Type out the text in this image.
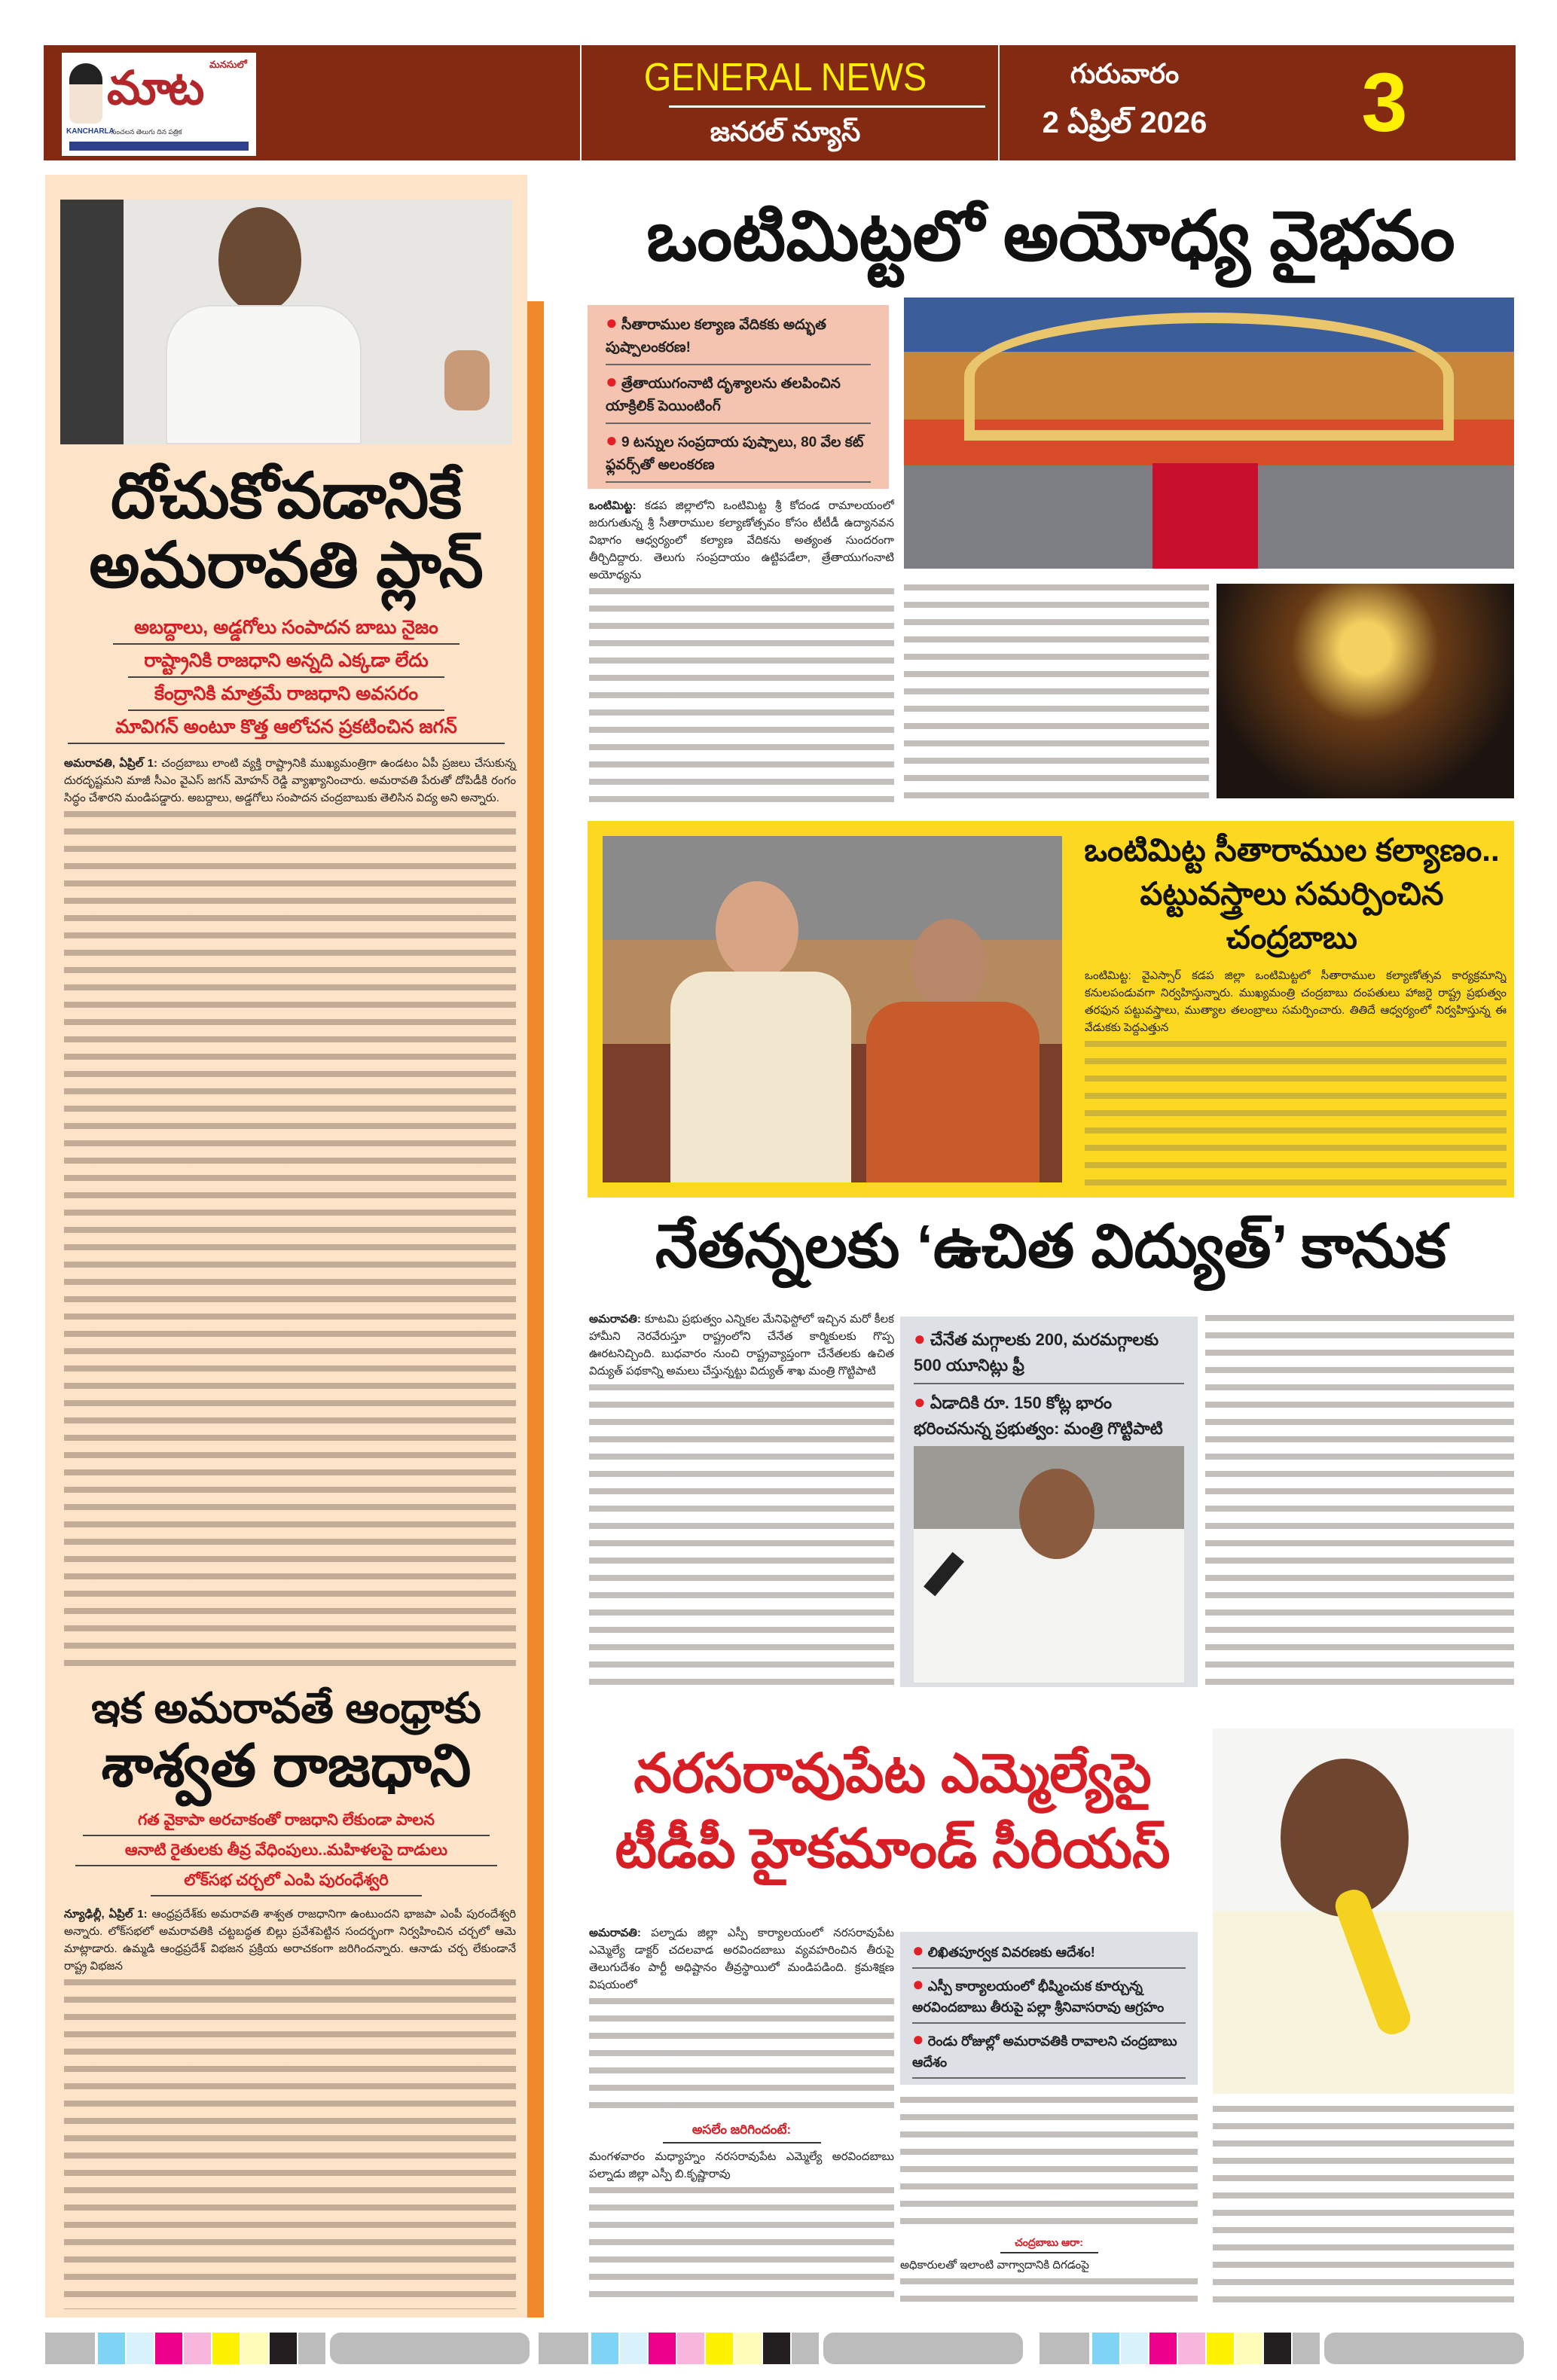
మాట మనసులో
KANCHARLA
సంచలన తెలుగు దిన పత్రిక
GENERAL NEWS
జనరల్ న్యూస్
గురువారం
2 ఏప్రిల్ 2026	3
దోచుకోవడానికే
అమరావతి ప్లాన్
అబద్దాలు, అడ్డగోలు సంపాదన బాబు నైజం
రాష్ట్రానికి రాజధాని అన్నది ఎక్కడా లేదు
కేంద్రానికి మాత్రమే రాజధాని అవసరం
మావిగన్ అంటూ కొత్త ఆలోచన ప్రకటించిన జగన్
అమరావతి, ఏప్రిల్ 1: చంద్రబాబు లాంటి వ్యక్తి రాష్ట్రానికి ముఖ్యమంత్రిగా ఉండటం ఏపీ ప్రజలు చేసుకున్న దురదృష్టమని మాజీ సీఎం వైఎస్ జగన్ మోహన్ రెడ్డి వ్యాఖ్యానించారు. అమరావతి పేరుతో దోపిడీకి రంగం సిద్ధం చేశారని మండిపడ్డారు. అబద్దాలు, అడ్డగోలు సంపాదన చంద్రబాబుకు తెలిసిన విద్య అని అన్నారు.
ఇక అమరావతే ఆంధ్రాకు
శాశ్వత రాజధాని
గత వైకాపా అరచాకంతో రాజధాని లేకుండా పాలన
ఆనాటి రైతులకు తీవ్ర వేధింపులు..మహిళలపై దాడులు
లోక్‌సభ చర్చలో ఎంపి పురంధేశ్వరి
న్యూఢిల్లీ, ఏప్రిల్ 1: ఆంధ్రప్రదేశ్‌కు అమరావతి శాశ్వత రాజధానిగా ఉంటుందని భాజపా ఎంపీ పురందేశ్వరి అన్నారు. లోక్‌సభలో అమరావతికి చట్టబద్ధత బిల్లు ప్రవేశపెట్టిన సందర్భంగా నిర్వహించిన చర్చలో ఆమె మాట్లాడారు. ఉమ్మడి ఆంధ్రప్రదేశ్ విభజన ప్రక్రియ అరాచకంగా జరిగిందన్నారు. ఆనాడు చర్చ లేకుండానే రాష్ట్ర విభజన
ఒంటిమిట్టలో అయోధ్య వైభవం
● సీతారాముల కల్యాణ వేదికకు అద్భుత పుష్పాలంకరణ!
● త్రేతాయుగంనాటి దృశ్యాలను తలపించిన యాక్రిలిక్ పెయింటింగ్
● 9 టన్నుల సంప్రదాయ పుష్పాలు, 80 వేల కట్ ఫ్లవర్స్‌తో అలంకరణ
ఒంటిమిట్ట: కడప జిల్లాలోని ఒంటిమిట్ట శ్రీ కోదండ రామాలయంలో జరుగుతున్న శ్రీ సీతారాముల కల్యాణోత్సవం కోసం టీటీడీ ఉద్యానవన విభాగం ఆధ్వర్యంలో కల్యాణ వేదికను అత్యంత సుందరంగా తీర్చిదిద్దారు. తెలుగు సంప్రదాయం ఉట్టిపడేలా, త్రేతాయుగంనాటి అయోధ్యను
ఒంటిమిట్ట సీతారాముల కల్యాణం.. పట్టువస్త్రాలు సమర్పించిన చంద్రబాబు
ఒంటిమిట్ట: వైఎస్సార్ కడప జిల్లా ఒంటిమిట్టలో సీతారాముల కల్యాణోత్సవ కార్యక్రమాన్ని కనులపండువగా నిర్వహిస్తున్నారు. ముఖ్యమంత్రి చంద్రబాబు దంపతులు హాజరై రాష్ట్ర ప్రభుత్వం తరఫున పట్టువస్త్రాలు, ముత్యాల తలంబ్రాలు సమర్పించారు. తితిదే ఆధ్వర్యంలో నిర్వహిస్తున్న ఈ వేడుకకు పెద్దఎత్తున
నేతన్నలకు ‘ఉచిత విద్యుత్’ కానుక
అమరావతి: కూటమి ప్రభుత్వం ఎన్నికల మేనిఫెస్టోలో ఇచ్చిన మరో కీలక హామీని నెరవేరుస్తూ రాష్ట్రంలోని చేనేత కార్మికులకు గొప్ప ఊరటనిచ్చింది. బుధవారం నుంచి రాష్ట్రవ్యాప్తంగా చేనేతలకు ఉచిత విద్యుత్ పథకాన్ని అమలు చేస్తున్నట్టు విద్యుత్ శాఖ మంత్రి గొట్టిపాటి
● చేనేత మగ్గాలకు 200, మరమగ్గాలకు 500 యూనిట్లు ఫ్రీ
● ఏడాదికి రూ. 150 కోట్ల భారం భరించనున్న ప్రభుత్వం: మంత్రి గొట్టిపాటి
నరసరావుపేట ఎమ్మెల్యేపై
టీడీపీ హైకమాండ్ సీరియస్
అమరావతి: పల్నాడు జిల్లా ఎస్పీ కార్యాలయంలో నరసరావుపేట ఎమ్మెల్యే డాక్టర్ చదలవాడ అరవిందబాబు వ్యవహరించిన తీరుపై తెలుగుదేశం పార్టీ అధిష్టానం తీవ్రస్థాయిలో మండిపడింది. క్రమశిక్షణ విషయంలో
అసలేం జరిగిందంటే:
మంగళవారం మధ్యాహ్నం నరసరావుపేట ఎమ్మెల్యే అరవిందబాబు పల్నాడు జిల్లా ఎస్పీ బి.కృష్ణారావు
● లిఖితపూర్వక వివరణకు ఆదేశం!
● ఎస్పీ కార్యాలయంలో భీష్మించుక కూర్చున్న అరవిందబాబు తీరుపై పల్లా శ్రీనివాసరావు ఆగ్రహం
● రెండు రోజుల్లో అమరావతికి రావాలని చంద్రబాబు ఆదేశం
చంద్రబాబు ఆరా:
అధికారులతో ఇలాంటి వాగ్వాదానికి దిగడంపై
